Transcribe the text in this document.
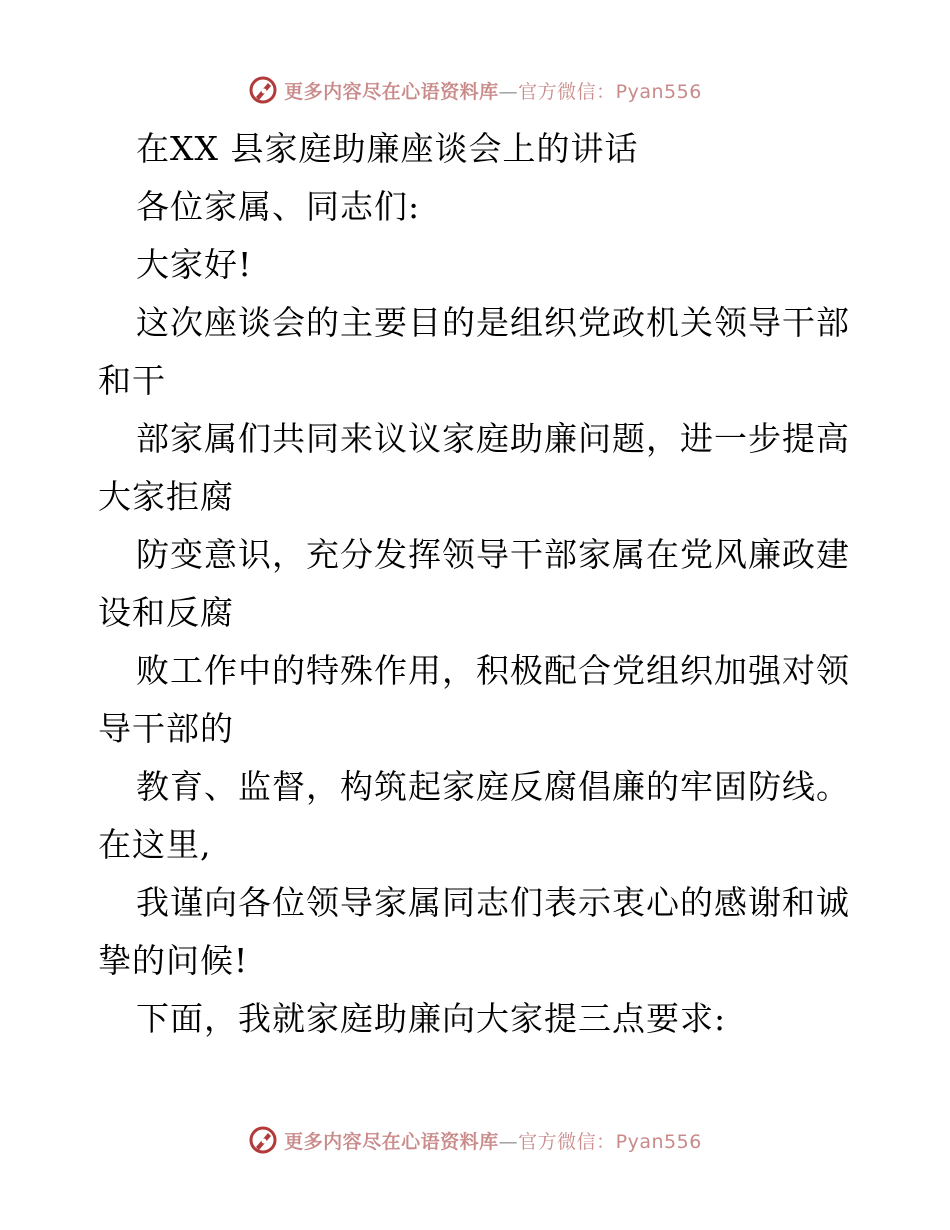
更多内容尽在心语资料库—官方微信：Pyan556
在XX 县家庭助廉座谈会上的讲话
各位家属、同志们:
大家好!
这次座谈会的主要目的是组织党政机关领导干部
和干
部家属们共同来议议家庭助廉问题，进一步提高
大家拒腐
防变意识，充分发挥领导干部家属在党风廉政建
设和反腐
败工作中的特殊作用，积极配合党组织加强对领
导干部的
教育、监督，构筑起家庭反腐倡廉的牢固防线。
在这里,
我谨向各位领导家属同志们表示衷心的感谢和诚
挚的问候!
下面，我就家庭助廉向大家提三点要求:
更多内容尽在心语资料库—官方微信：Pyan556
